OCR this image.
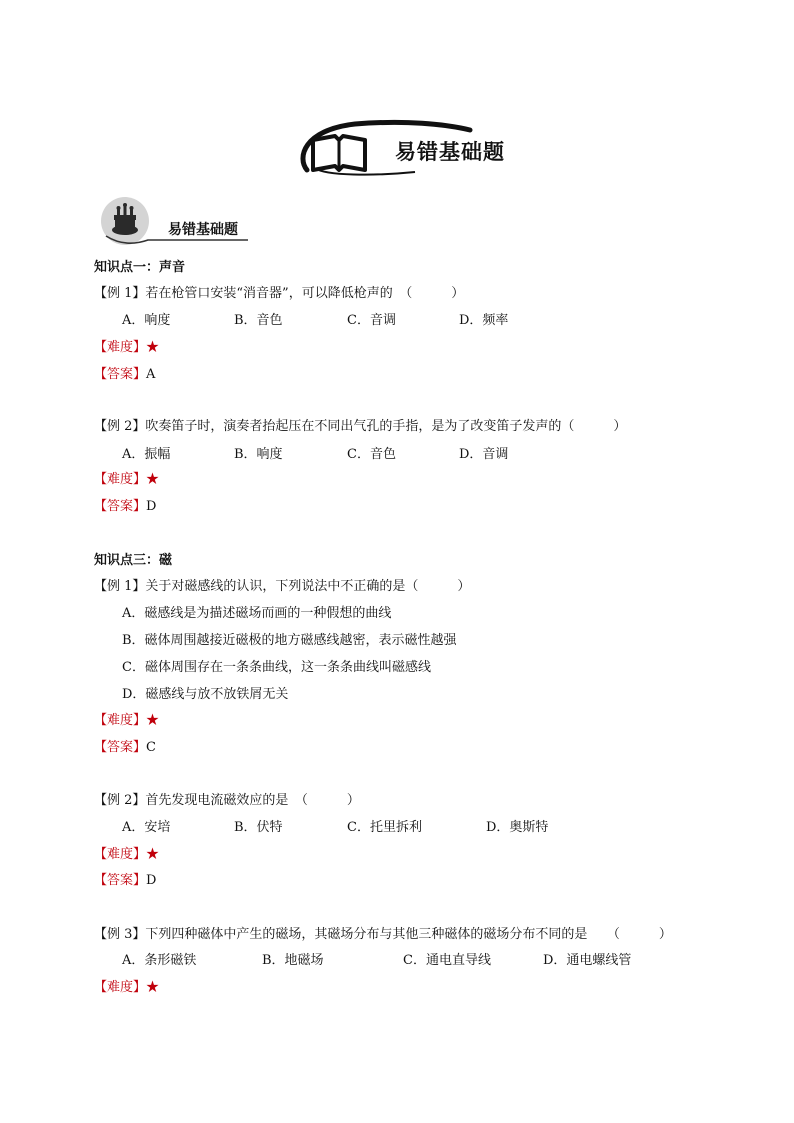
易错基础题
易错基础题
知识点一：声音
【例 1】若在枪管口安装“消音器”，可以降低枪声的　（　　　）
A．响度	B．音色	C．音调	D．频率
【难度】★
【答案】A
【例 2】吹奏笛子时，演奏者抬起压在不同出气孔的手指，是为了改变笛子发声的（　　　）
A．振幅	B．响度	C．音色	D．音调
【难度】★
【答案】D
知识点三：磁
【例 1】关于对磁感线的认识，下列说法中不正确的是（　　　）
A．磁感线是为描述磁场而画的一种假想的曲线
B．磁体周围越接近磁极的地方磁感线越密，表示磁性越强
C．磁体周围存在一条条曲线，这一条条曲线叫磁感线
D．磁感线与放不放铁屑无关
【难度】★
【答案】C
【例 2】首先发现电流磁效应的是　（　　　）
A．安培	B．伏特	C．托里拆利	D．奥斯特
【难度】★
【答案】D
【例 3】下列四种磁体中产生的磁场，其磁场分布与其他三种磁体的磁场分布不同的是　　（　　　）
A．条形磁铁	B．地磁场	C．通电直导线	D．通电螺线管
【难度】★
